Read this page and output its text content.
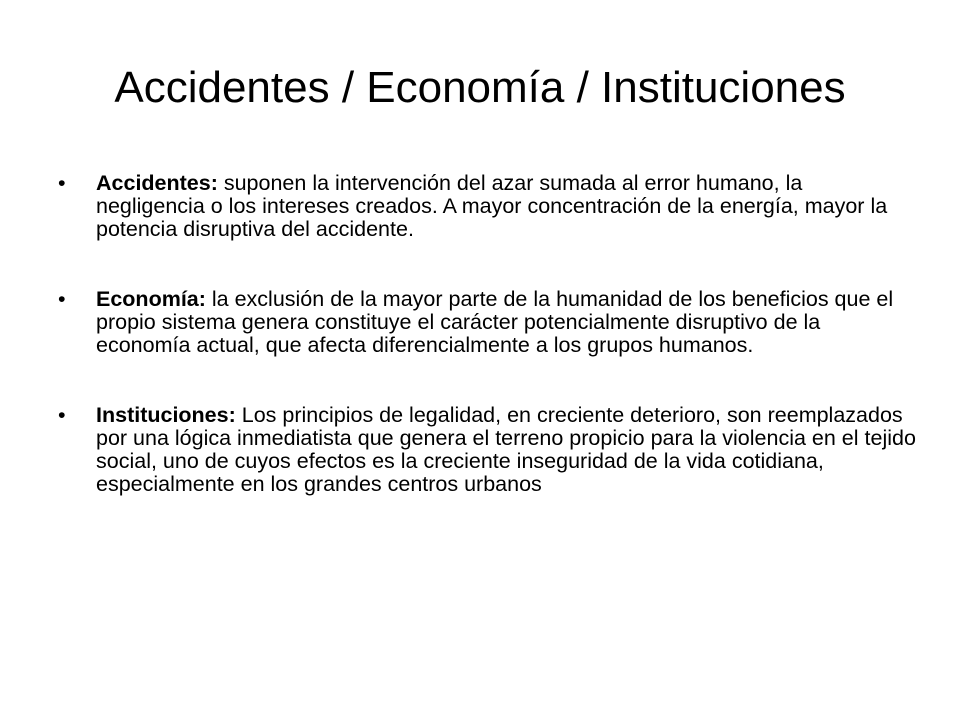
Accidentes / Economía / Instituciones
•	Accidentes: suponen la intervención del azar sumada al error humano, la negligencia o los intereses creados. A mayor concentración de la energía, mayor la potencia disruptiva del accidente.
•	Economía: la exclusión de la mayor parte de la humanidad de los beneficios que el propio sistema genera constituye el carácter potencialmente disruptivo de la economía actual, que afecta diferencialmente a los grupos humanos.
•	Instituciones: Los principios de legalidad, en creciente deterioro, son reemplazados por una lógica inmediatista que genera el terreno propicio para la violencia en el tejido social, uno de cuyos efectos es la creciente inseguridad de la vida cotidiana, especialmente en los grandes centros urbanos
